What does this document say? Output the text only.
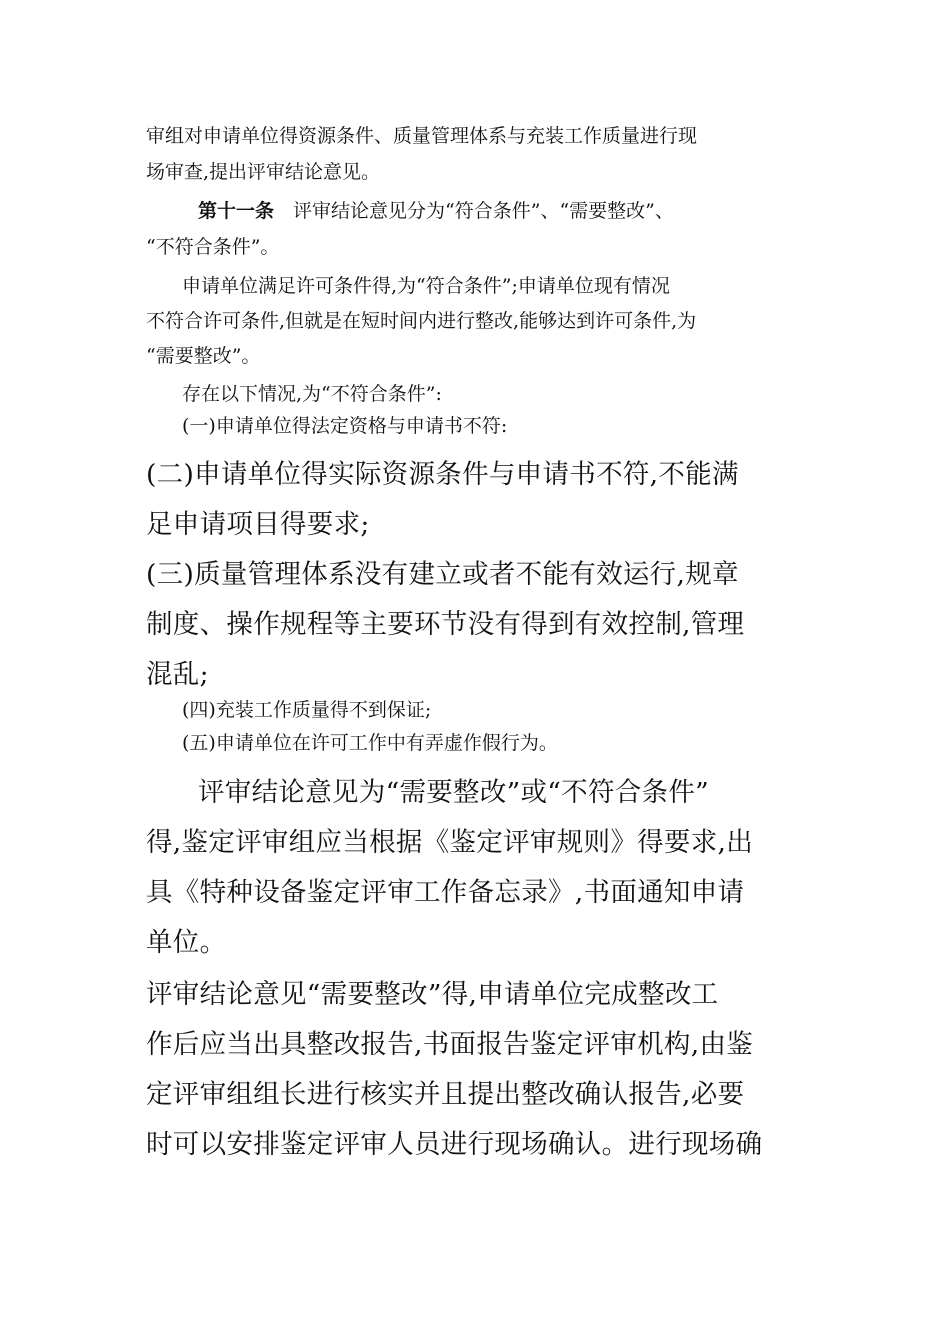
审组对申请单位得资源条件、质量管理体系与充装工作质量进行现

场审查,提出评审结论意见。

第十一条　评审结论意见分为“符合条件”、“需要整改”、

“不符合条件”。

申请单位满足许可条件得,为“符合条件”;申请单位现有情况

不符合许可条件,但就是在短时间内进行整改,能够达到许可条件,为

“需要整改”。

存在以下情况,为“不符合条件”:

(一)申请单位得法定资格与申请书不符:

(二)申请单位得实际资源条件与申请书不符,不能满

足申请项目得要求;

(三)质量管理体系没有建立或者不能有效运行,规章

制度、操作规程等主要环节没有得到有效控制,管理

混乱;

(四)充装工作质量得不到保证;

(五)申请单位在许可工作中有弄虚作假行为。

评审结论意见为“需要整改”或“不符合条件”

得,鉴定评审组应当根据《鉴定评审规则》得要求,出

具《特种设备鉴定评审工作备忘录》,书面通知申请

单位。

评审结论意见“需要整改”得,申请单位完成整改工

作后应当出具整改报告,书面报告鉴定评审机构,由鉴

定评审组组长进行核实并且提出整改确认报告,必要

时可以安排鉴定评审人员进行现场确认。进行现场确
